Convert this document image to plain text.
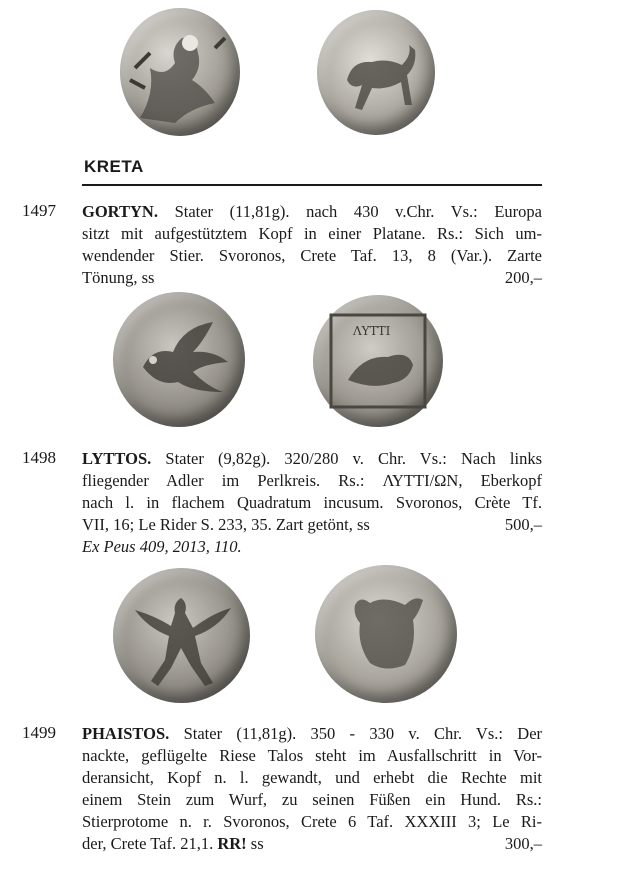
KRETA
1497 GORTYN. Stater (11,81g). nach 430 v.Chr. Vs.: Europa
sitzt mit aufgestütztem Kopf in einer Platane. Rs.: Sich um-
wendender Stier. Svoronos, Crete Taf. 13, 8 (Var.). Zarte
Tönung, ss	200,–
ΛΥΤΤΙ
1498 LYTTOS. Stater (9,82g). 320/280 v. Chr. Vs.: Nach links
fliegender Adler im Perlkreis. Rs.: ΛΥΤΤΙ/ΩΝ, Eberkopf
nach l. in flachem Quadratum incusum. Svoronos, Crète Tf.
VII, 16; Le Rider S. 233, 35. Zart getönt, ss	500,–
Ex Peus 409, 2013, 110.
1499 PHAISTOS. Stater (11,81g). 350 - 330 v. Chr. Vs.: Der
nackte, geflügelte Riese Talos steht im Ausfallschritt in Vor-
deransicht, Kopf n. l. gewandt, und erhebt die Rechte mit
einem Stein zum Wurf, zu seinen Füßen ein Hund. Rs.:
Stierprotome n. r. Svoronos, Crete 6 Taf. XXXIII 3; Le Ri-
der, Crete Taf. 21,1. RR! ss	300,–
